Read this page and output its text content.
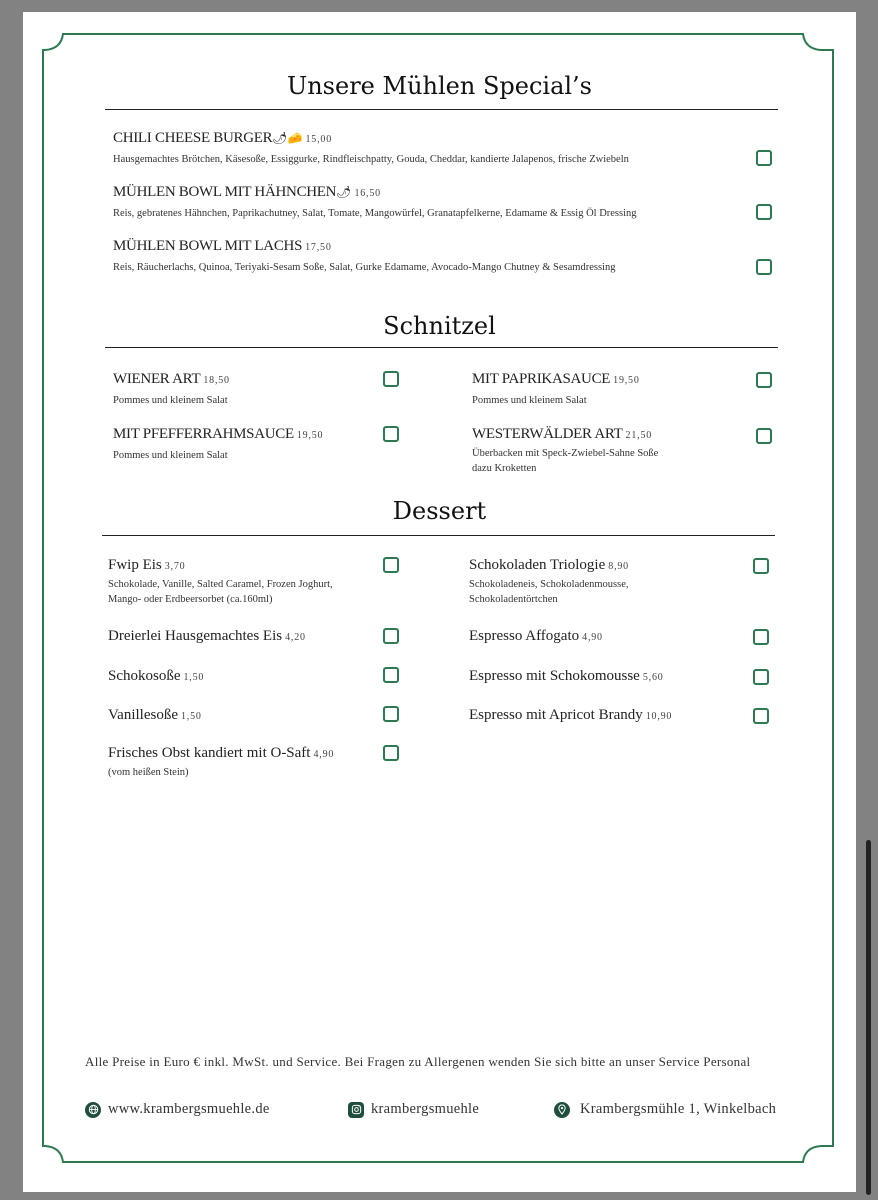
Unsere Mühlen Special’s
CHILI CHEESE BURGER🌶🧀 15,00
Hausgemachtes Brötchen, Käsesoße, Essiggurke, Rindfleischpatty, Gouda, Cheddar, kandierte Jalapenos, frische Zwiebeln
MÜHLEN BOWL MIT HÄHNCHEN🌶 16,50
Reis, gebratenes Hähnchen, Paprikachutney, Salat, Tomate, Mangowürfel, Granatapfelkerne, Edamame & Essig Öl Dressing
MÜHLEN BOWL MIT LACHS 17,50
Reis, Räucherlachs, Quinoa, Teriyaki-Sesam Soße, Salat, Gurke Edamame, Avocado-Mango Chutney & Sesamdressing
Schnitzel
WIENER ART 18,50
Pommes und kleinem Salat
MIT PAPRIKASAUCE 19,50
Pommes und kleinem Salat
MIT PFEFFERRAHMSAUCE 19,50
Pommes und kleinem Salat
WESTERWÄLDER ART 21,50
Überbacken mit Speck-Zwiebel-Sahne Soße
dazu Kroketten
Dessert
Fwip Eis 3,70
Schokolade, Vanille, Salted Caramel, Frozen Joghurt,
Mango- oder Erdbeersorbet (ca.160ml)
Dreierlei Hausgemachtes Eis 4,20
Schokosoße 1,50
Vanillesoße 1,50
Frisches Obst kandiert mit O-Saft 4,90
(vom heißen Stein)
Schokoladen Triologie 8,90
Schokoladeneis, Schokoladenmousse,
Schokoladentörtchen
Espresso Affogato 4,90
Espresso mit Schokomousse 5,60
Espresso mit Apricot Brandy 10,90
Alle Preise in Euro € inkl. MwSt. und Service. Bei Fragen zu Allergenen wenden Sie sich bitte an unser Service Personal
www.krambergsmuehle.de	krambergsmuehle	Krambergsmühle 1, Winkelbach
